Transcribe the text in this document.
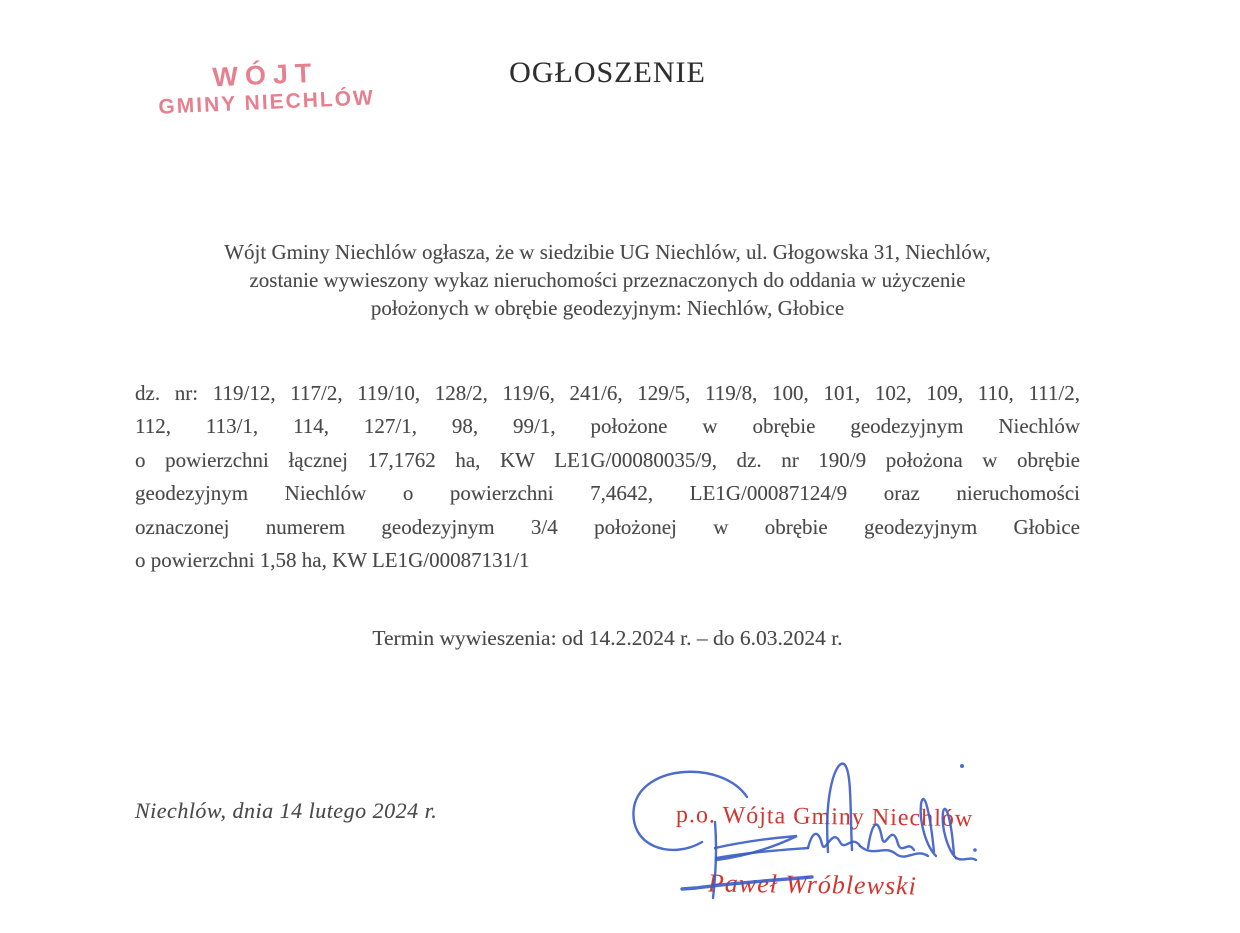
WÓJT
GMINY NIECHLÓW
OGŁOSZENIE
Wójt Gminy Niechlów ogłasza, że w siedzibie UG Niechlów, ul. Głogowska 31, Niechlów,
zostanie wywieszony wykaz nieruchomości przeznaczonych do oddania w użyczenie
położonych w obrębie geodezyjnym: Niechlów, Głobice
dz. nr: 119/12, 117/2, 119/10, 128/2, 119/6, 241/6, 129/5, 119/8, 100, 101, 102, 109, 110, 111/2,
112, 113/1, 114, 127/1, 98, 99/1, położone w obrębie geodezyjnym Niechlów
o powierzchni łącznej 17,1762 ha, KW LE1G/00080035/9, dz. nr 190/9 położona w obrębie
geodezyjnym Niechlów o powierzchni 7,4642, LE1G/00087124/9 oraz nieruchomości
oznaczonej numerem geodezyjnym 3/4 położonej w obrębie geodezyjnym Głobice
o powierzchni 1,58 ha, KW LE1G/00087131/1
Termin wywieszenia: od 14.2.2024 r. – do 6.03.2024 r.
Niechlów, dnia 14 lutego 2024 r.	p.o. Wójta Gminy Niechlów
Paweł Wróblewski
